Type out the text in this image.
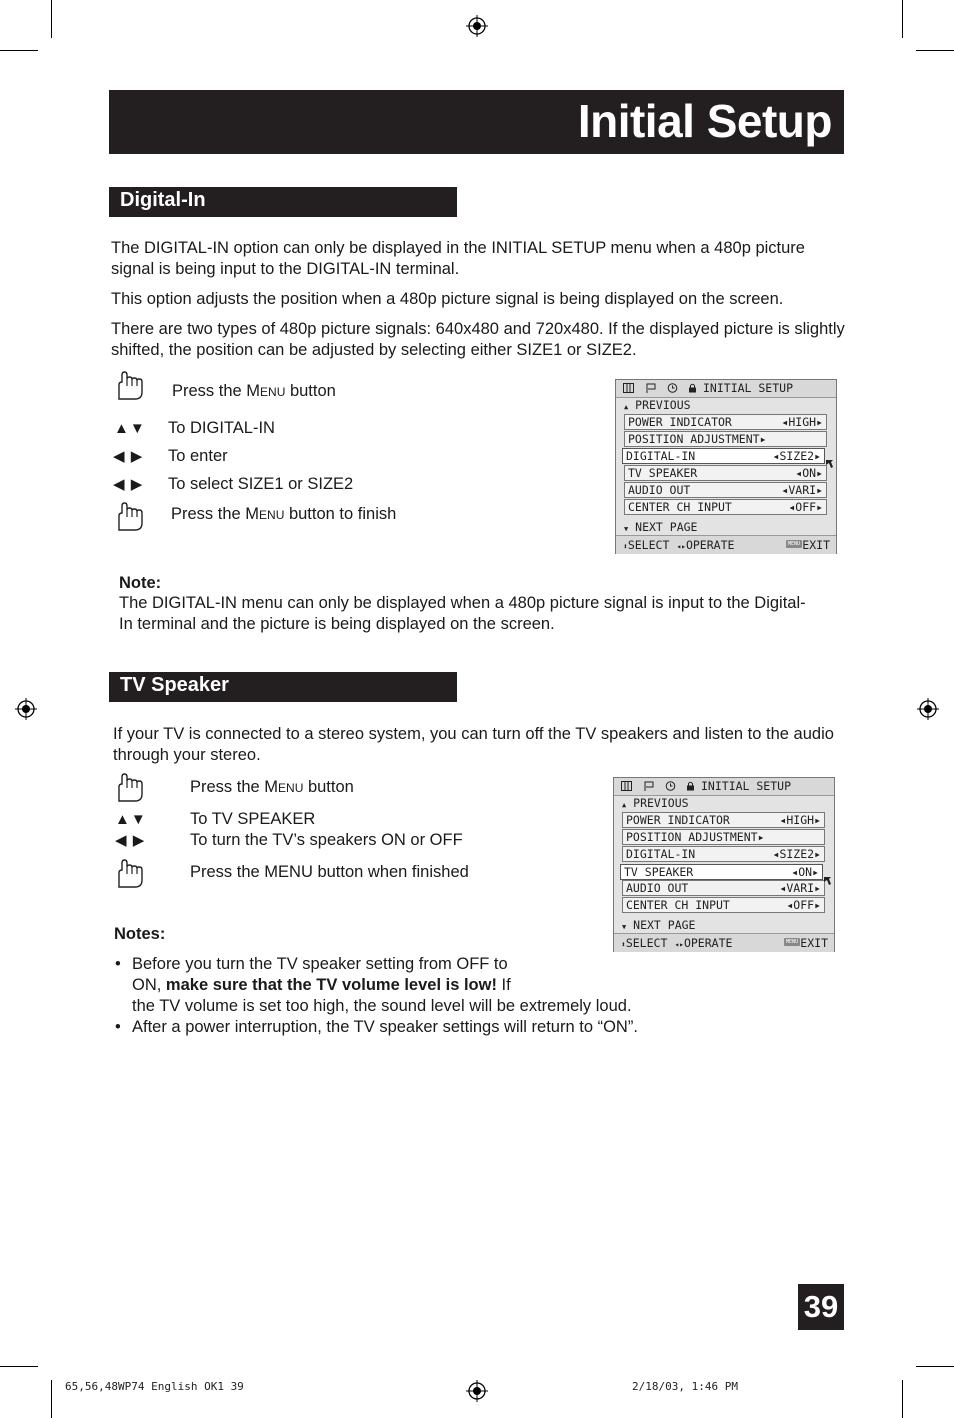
Initial Setup
Digital-In

The DIGITAL-IN option can only be displayed in the INITIAL SETUP menu when a 480p picture signal is being input to the DIGITAL-IN terminal.

This option adjusts the position when a 480p picture signal is being displayed on the screen.

There are two types of 480p picture signals: 640x480 and 720x480. If the displayed picture is slightly shifted, the position can be adjusted by selecting either SIZE1 or SIZE2.

Press the Menu button
▲▼ To DIGITAL-IN
◀ ▶ To enter
◀ ▶ To select SIZE1 or SIZE2
Press the Menu button to finish
INITIAL SETUP
▲ PREVIOUS
POWER INDICATOR	◂HIGH▸
POSITION ADJUSTMENT▸
DIGITAL-IN	◂SIZE2▸
TV SPEAKER	◂ON▸
AUDIO OUT	◂VARI▸
CENTER CH INPUT	◂OFF▸
▼ NEXT PAGE
⬍SELECT ◂▸OPERATE	MENU EXIT
Note:

The DIGITAL-IN menu can only be displayed when a 480p picture signal is input to the Digital-In terminal and the picture is being displayed on the screen.

TV Speaker

If your TV is connected to a stereo system, you can turn off the TV speakers and listen to the audio through your stereo.

Press the Menu button
▲▼	To TV SPEAKER
◀ ▶	To turn the TV’s speakers ON or OFF
Press the MENU button when finished
INITIAL SETUP
▲ PREVIOUS
POWER INDICATOR	◂HIGH▸
POSITION ADJUSTMENT▸
DIGITAL-IN	◂SIZE2▸
TV SPEAKER	◂ON▸
AUDIO OUT	◂VARI▸
CENTER CH INPUT	◂OFF▸
▼ NEXT PAGE
⬍SELECT ◂▸OPERATE	MENU EXIT
Notes:
• Before you turn the TV speaker setting from OFF to
ON, make sure that the TV volume level is low! If
the TV volume is set too high, the sound level will be extremely loud.
• After a power interruption, the TV speaker settings will return to “ON”.
39
65,56,48WP74 English OK1 39	2/18/03, 1:46 PM
